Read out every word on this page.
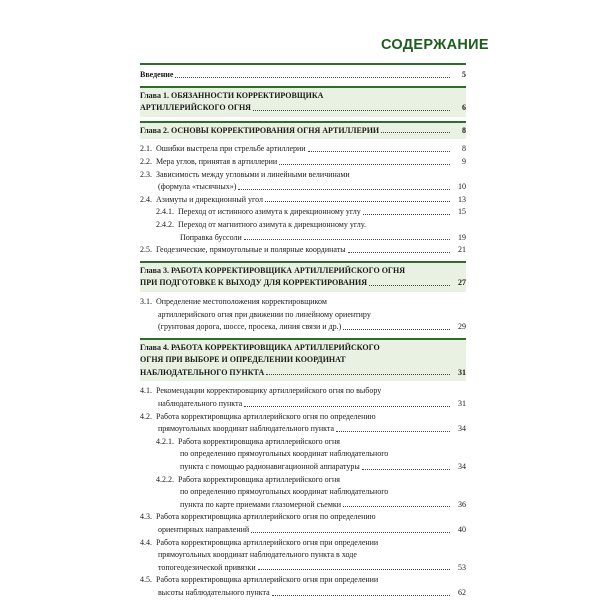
СОДЕРЖАНИЕ
Введение	5
Глава 1. ОБЯЗАННОСТИ КОРРЕКТИРОВЩИКА
АРТИЛЛЕРИЙСКОГО ОГНЯ	6
Глава 2. ОСНОВЫ КОРРЕКТИРОВАНИЯ ОГНЯ АРТИЛЛЕРИИ	8
2.1. Ошибки выстрела при стрельбе артиллерии	8
2.2. Мера углов, принятая в артиллерии	9
2.3. Зависимость между угловыми и линейными величинами
(формула «тысячных»)	10
2.4. Азимуты и дирекционный угол	13
2.4.1. Переход от истинного азимута к дирекционному углу	15
2.4.2. Переход от магнитного азимута к дирекционному углу.
Поправка буссоли	19
2.5. Геодезические, прямоугольные и полярные координаты	21
Глава 3. РАБОТА КОРРЕКТИРОВЩИКА АРТИЛЛЕРИЙСКОГО ОГНЯ
ПРИ ПОДГОТОВКЕ К ВЫХОДУ ДЛЯ КОРРЕКТИРОВАНИЯ	27
3.1. Определение местоположения корректировщиком
артиллерийского огня при движении по линейному ориентиру
(грунтовая дорога, шоссе, просека, линия связи и др.)	29
Глава 4. РАБОТА КОРРЕКТИРОВЩИКА АРТИЛЛЕРИЙСКОГО
ОГНЯ ПРИ ВЫБОРЕ И ОПРЕДЕЛЕНИИ КООРДИНАТ
НАБЛЮДАТЕЛЬНОГО ПУНКТА	31
4.1. Рекомендации корректировщику артиллерийского огня по выбору
наблюдательного пункта	31
4.2. Работа корректировщика артиллерийского огня по определению
прямоугольных координат наблюдательного пункта	34
4.2.1. Работа корректировщика артиллерийского огня
по определению прямоугольных координат наблюдательного
пункта с помощью радионавигационной аппаратуры	34
4.2.2. Работа корректировщика артиллерийского огня
по определению прямоугольных координат наблюдательного
пункта по карте приемами глазомерной съемки	36
4.3. Работа корректировщика артиллерийского огня по определению
ориентирных направлений	40
4.4. Работа корректировщика артиллерийского огня при определении
прямоугольных координат наблюдательного пункта в ходе
топогеодезической привязки	53
4.5. Работа корректировщика артиллерийского огня при определении
высоты наблюдательного пункта	62
